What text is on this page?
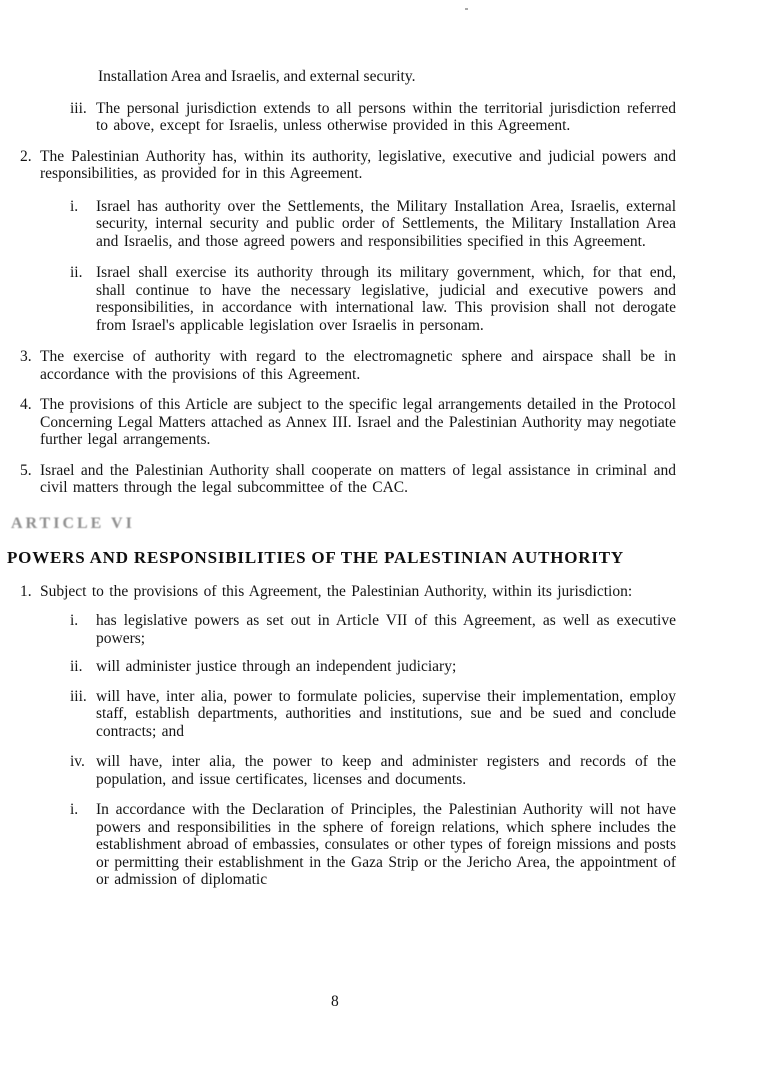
Installation Area and Israelis, and external security.
iii. The personal jurisdiction extends to all persons within the territorial jurisdiction referred to above, except for Israelis, unless otherwise provided in this Agreement.
2. The Palestinian Authority has, within its authority, legislative, executive and judicial powers and responsibilities, as provided for in this Agreement.
i.	Israel has authority over the Settlements, the Military Installation Area, Israelis, external security, internal security and public order of Settlements, the Military Installation Area and Israelis, and those agreed powers and responsibilities specified in this Agreement.
ii. Israel shall exercise its authority through its military government, which, for that end, shall continue to have the necessary legislative, judicial and executive powers and responsibilities, in accordance with international law. This provision shall not derogate from Israel's applicable legislation over Israelis in personam.
3. The exercise of authority with regard to the electromagnetic sphere and airspace shall be in accordance with the provisions of this Agreement.
4. The provisions of this Article are subject to the specific legal arrangements detailed in the Protocol Concerning Legal Matters attached as Annex III. Israel and the Palestinian Authority may negotiate further legal arrangements.
5. Israel and the Palestinian Authority shall cooperate on matters of legal assistance in criminal and civil matters through the legal subcommittee of the CAC.
ARTICLE VI
POWERS AND RESPONSIBILITIES OF THE PALESTINIAN AUTHORITY
1. Subject to the provisions of this Agreement, the Palestinian Authority, within its jurisdiction:
i.	has legislative powers as set out in Article VII of this Agreement, as well as executive powers;
ii. will administer justice through an independent judiciary;
iii. will have, inter alia, power to formulate policies, supervise their implementation, employ staff, establish departments, authorities and institutions, sue and be sued and conclude contracts; and
iv. will have, inter alia, the power to keep and administer registers and records of the population, and issue certificates, licenses and documents.
i.	In accordance with the Declaration of Principles, the Palestinian Authority will not have powers and responsibilities in the sphere of foreign relations, which sphere includes the establishment abroad of embassies, consulates or other types of foreign missions and posts or permitting their establishment in the Gaza Strip or the Jericho Area, the appointment of or admission of diplomatic
8
